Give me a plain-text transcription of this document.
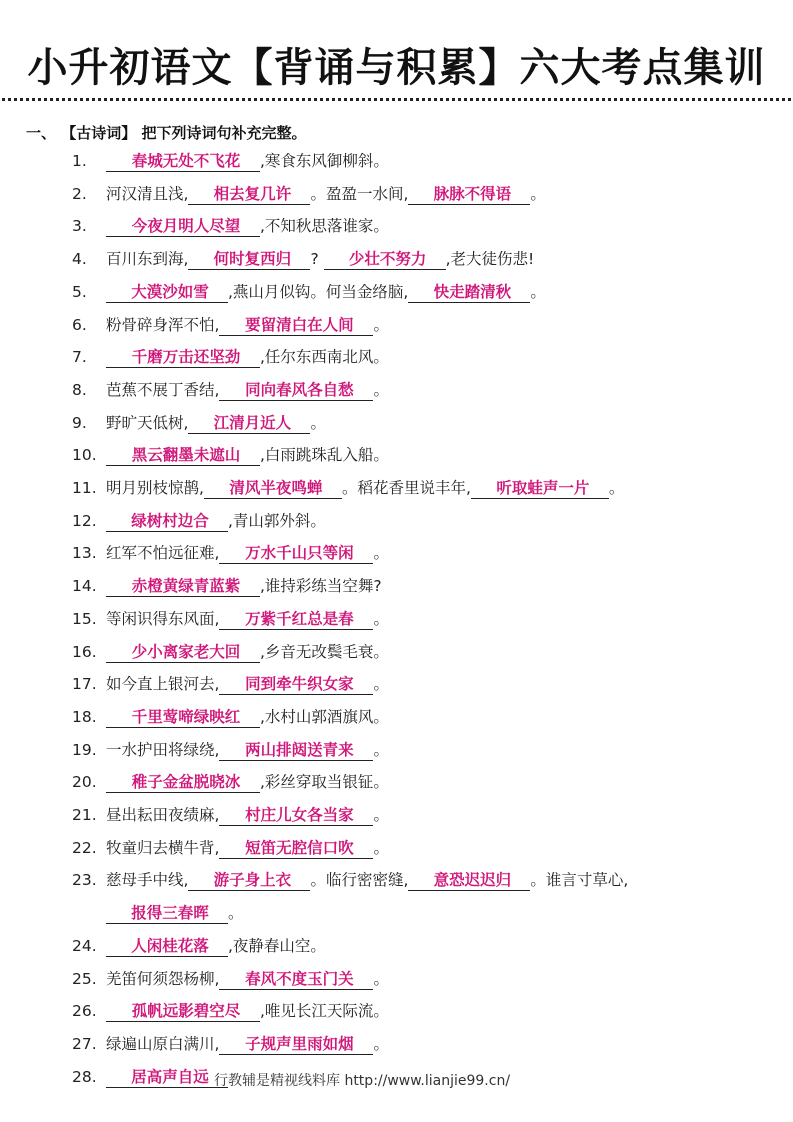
小升初语文【背诵与积累】六大考点集训
一、 【古诗词】 把下列诗词句补充完整。
1.	春城无处不飞花 ,寒食东风御柳斜。
2. 河汉清且浅, 相去复几许 。盈盈一水间, 脉脉不得语 。
3.	今夜月明人尽望 ,不知秋思落谁家。
4. 百川东到海, 何时复西归 ? 少壮不努力 ,老大徒伤悲!
5.	大漠沙如雪 ,燕山月似钩。何当金络脑, 快走踏清秋 。
6. 粉骨碎身浑不怕, 要留清白在人间 。
7.	千磨万击还坚劲 ,任尔东西南北风。
8. 芭蕉不展丁香结, 同向春风各自愁 。
9. 野旷天低树, 江清月近人 。
10. 黑云翻墨未遮山 ,白雨跳珠乱入船。
11. 明月别枝惊鹊, 清风半夜鸣蝉 。稻花香里说丰年, 听取蛙声一片 。
12. 绿树村边合 ,青山郭外斜。
13. 红军不怕远征难, 万水千山只等闲 。
14. 赤橙黄绿青蓝紫 ,谁持彩练当空舞?
15. 等闲识得东风面, 万紫千红总是春 。
16. 少小离家老大回 ,乡音无改鬓毛衰。
17. 如今直上银河去, 同到牵牛织女家 。
18. 千里莺啼绿映红 ,水村山郭酒旗风。
19. 一水护田将绿绕, 两山排闼送青来 。
20. 稚子金盆脱晓冰 ,彩丝穿取当银钲。
21. 昼出耘田夜绩麻, 村庄儿女各当家 。
22. 牧童归去横牛背, 短笛无腔信口吹 。
23. 慈母手中线, 游子身上衣 。临行密密缝, 意恐迟迟归 。谁言寸草心,
报得三春晖 。
24. 人闲桂花落 ,夜静春山空。
25. 羌笛何须怨杨柳, 春风不度玉门关 。
26. 孤帆远影碧空尽 ,唯见长江天际流。
27. 绿遍山原白满川, 子规声里雨如烟 。
28. 居高声自远 行教辅是精视线料库 http://www.lianjie99.cn/
